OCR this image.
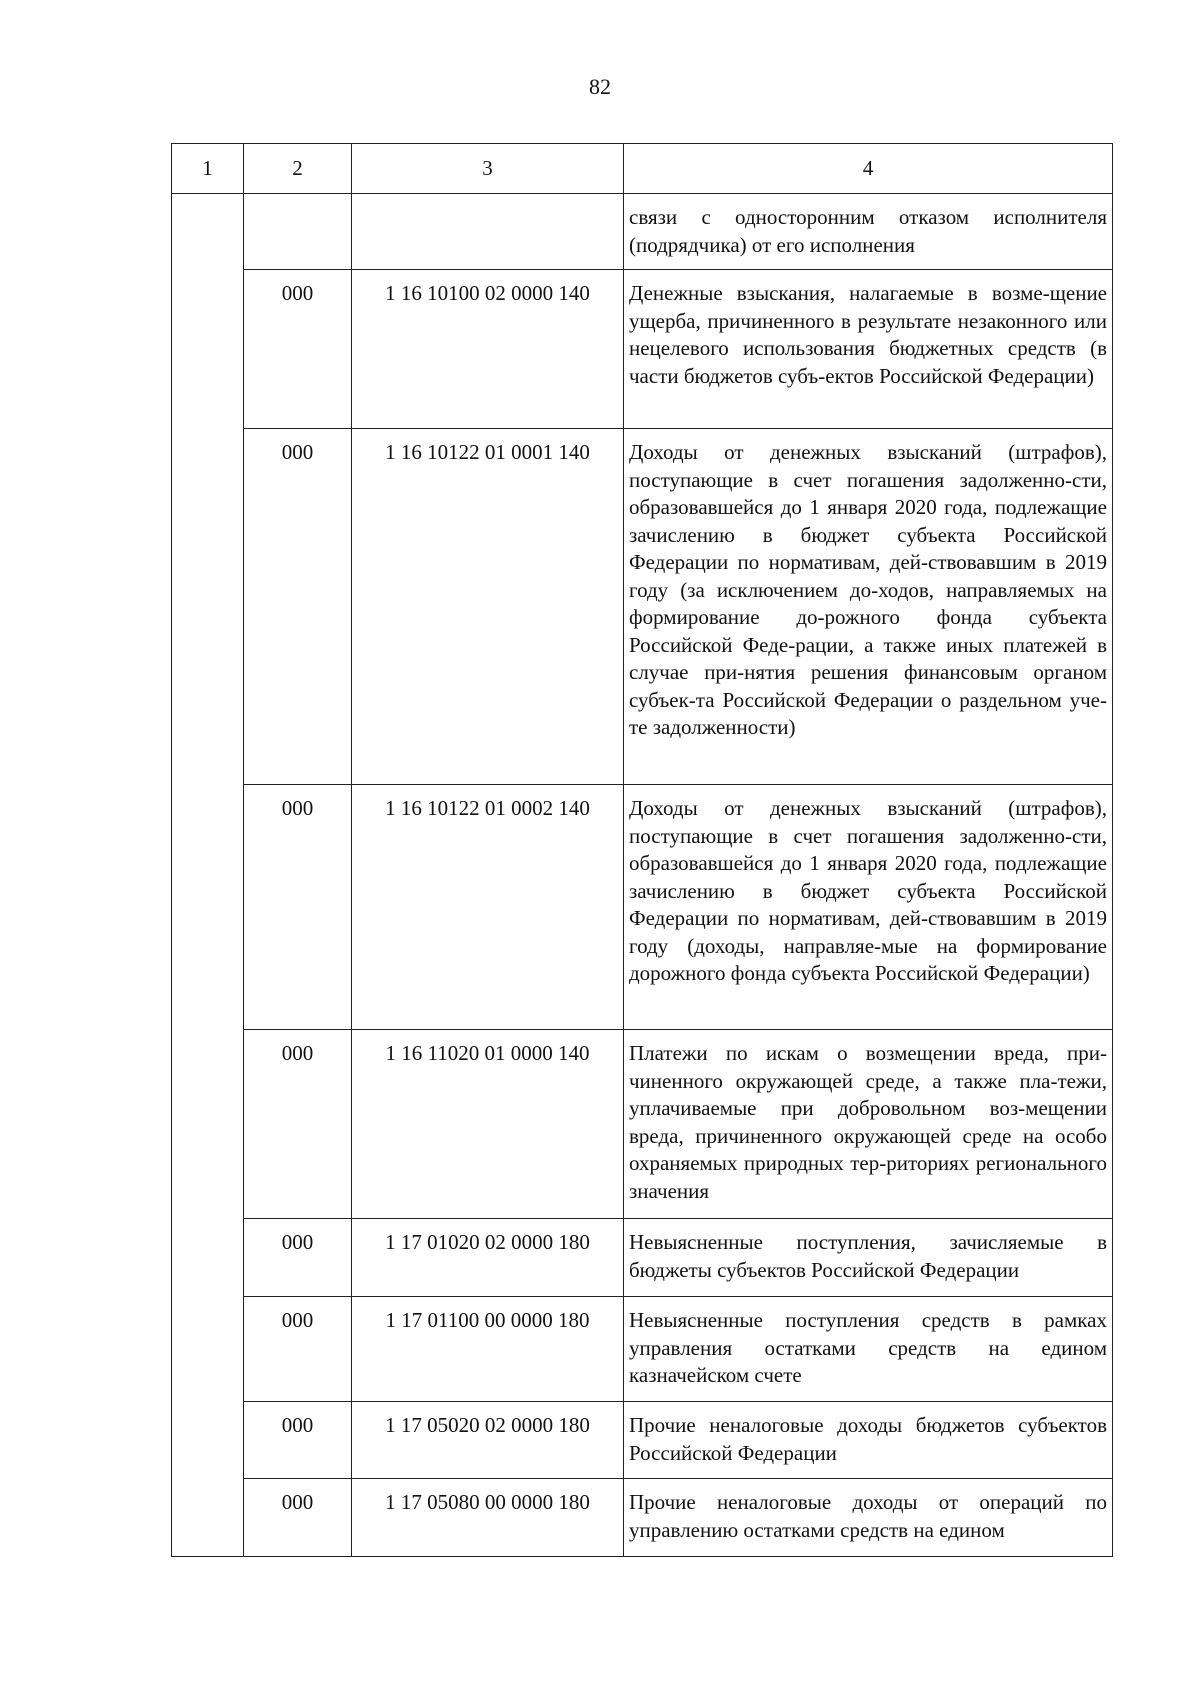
82
1	2	3	4
			связи с односторонним отказом исполнителя (подрядчика) от его исполнения
	000	1 16 10100 02 0000 140	Денежные взыскания, налагаемые в возме-щение ущерба, причиненного в результате незаконного или нецелевого использования бюджетных средств (в части бюджетов субъ-ектов Российской Федерации)
	000	1 16 10122 01 0001 140	Доходы от денежных взысканий (штрафов), поступающие в счет погашения задолженно-сти, образовавшейся до 1 января 2020 года, подлежащие зачислению в бюджет субъекта Российской Федерации по нормативам, дей-ствовавшим в 2019 году (за исключением до-ходов, направляемых на формирование до-рожного фонда субъекта Российской Феде-рации, а также иных платежей в случае при-нятия решения финансовым органом субъек-та Российской Федерации о раздельном уче-те задолженности)
	000	1 16 10122 01 0002 140	Доходы от денежных взысканий (штрафов), поступающие в счет погашения задолженно-сти, образовавшейся до 1 января 2020 года, подлежащие зачислению в бюджет субъекта Российской Федерации по нормативам, дей-ствовавшим в 2019 году (доходы, направляе-мые на формирование дорожного фонда субъекта Российской Федерации)
	000	1 16 11020 01 0000 140	Платежи по искам о возмещении вреда, при-чиненного окружающей среде, а также пла-тежи, уплачиваемые при добровольном воз-мещении вреда, причиненного окружающей среде на особо охраняемых природных тер-риториях регионального значения
	000	1 17 01020 02 0000 180	Невыясненные поступления, зачисляемые в бюджеты субъектов Российской Федерации
	000	1 17 01100 00 0000 180	Невыясненные поступления средств в рамках управления остатками средств на едином казначейском счете
	000	1 17 05020 02 0000 180	Прочие неналоговые доходы бюджетов субъектов Российской Федерации
	000	1 17 05080 00 0000 180	Прочие неналоговые доходы от операций по управлению остатками средств на едином
